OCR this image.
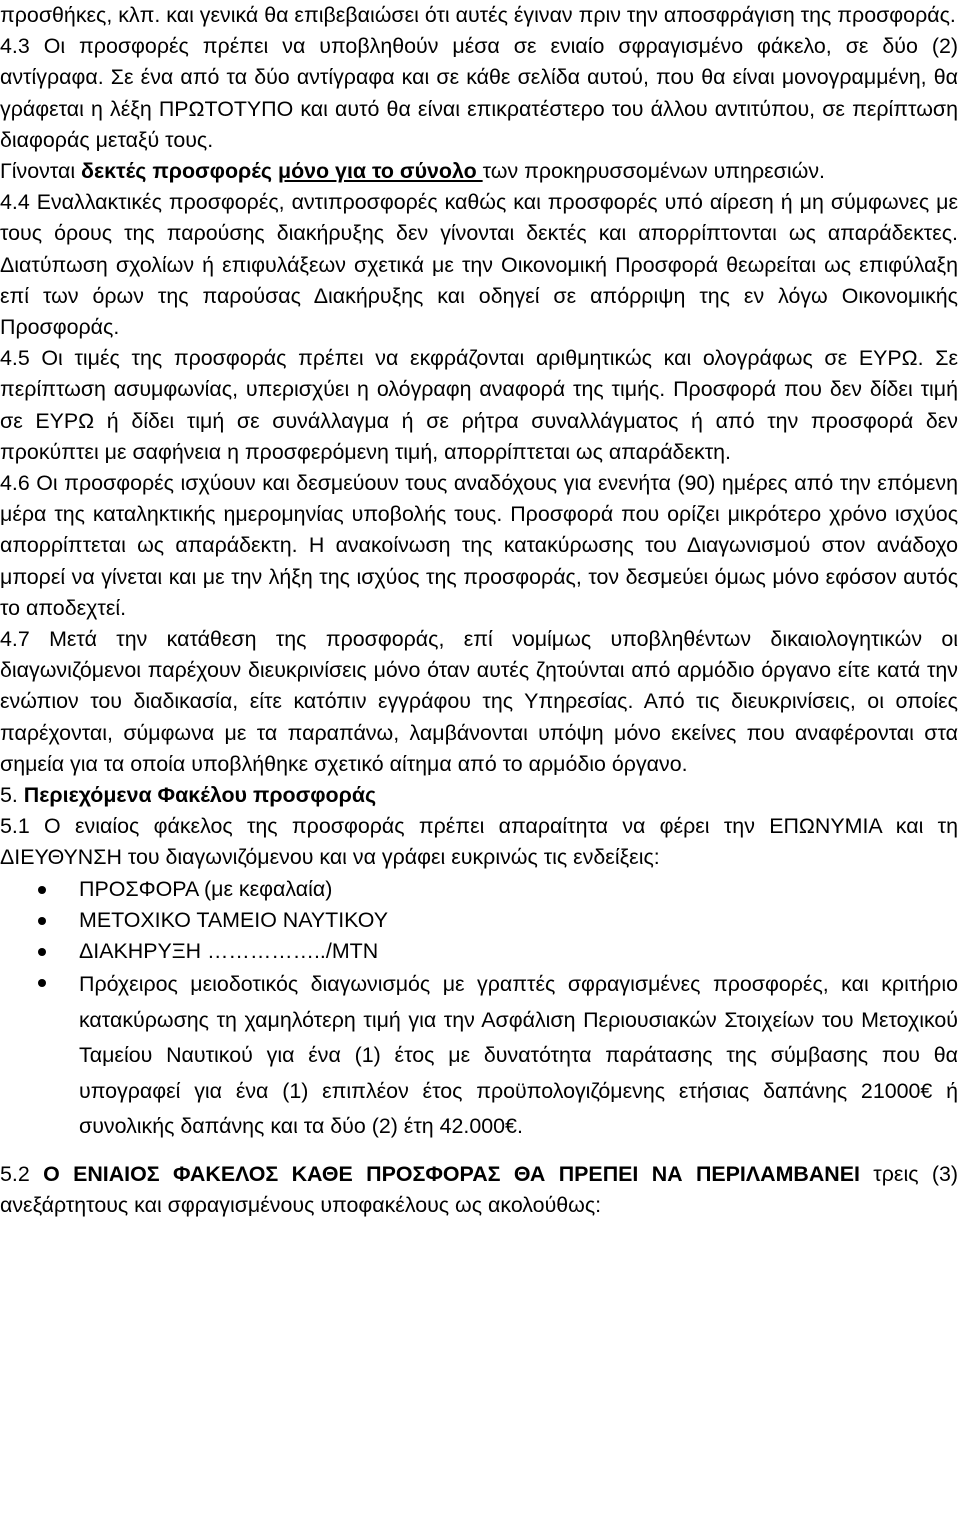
προσθήκες, κλπ. και γενικά θα επιβεβαιώσει ότι αυτές έγιναν πριν την αποσφράγιση της προσφοράς.

4.3 Οι προσφορές πρέπει να υποβληθούν μέσα σε ενιαίο σφραγισμένο φάκελο, σε δύο (2) αντίγραφα. Σε ένα από τα δύο αντίγραφα και σε κάθε σελίδα αυτού, που θα είναι μονογραμμένη, θα γράφεται η λέξη ΠΡΩΤΟΤΥΠΟ και αυτό θα είναι επικρατέστερο του άλλου αντιτύπου, σε περίπτωση διαφοράς μεταξύ τους.

Γίνονται δεκτές προσφορές μόνο για το σύνολο των προκηρυσσομένων υπηρεσιών.

4.4 Εναλλακτικές προσφορές, αντιπροσφορές καθώς και προσφορές υπό αίρεση ή μη σύμφωνες με τους όρους της παρούσης διακήρυξης δεν γίνονται δεκτές και απορρίπτονται ως απαράδεκτες. Διατύπωση σχολίων ή επιφυλάξεων σχετικά με την Οικονομική Προσφορά θεωρείται ως επιφύλαξη επί των όρων της παρούσας Διακήρυξης και οδηγεί σε απόρριψη της εν λόγω Οικονομικής Προσφοράς.

4.5 Οι τιμές της προσφοράς πρέπει να εκφράζονται αριθμητικώς και ολογράφως σε ΕΥΡΩ. Σε περίπτωση ασυμφωνίας, υπερισχύει η ολόγραφη αναφορά της τιμής. Προσφορά που δεν δίδει τιμή σε ΕΥΡΩ ή δίδει τιμή σε συνάλλαγμα ή σε ρήτρα συναλλάγματος ή από την προσφορά δεν προκύπτει με σαφήνεια η προσφερόμενη τιμή, απορρίπτεται ως απαράδεκτη.

4.6 Οι προσφορές ισχύουν και δεσμεύουν τους αναδόχους για ενενήτα (90) ημέρες από την επόμενη μέρα της καταληκτικής ημερομηνίας υποβολής τους. Προσφορά που ορίζει μικρότερο χρόνο ισχύος απορρίπτεται ως απαράδεκτη. Η ανακοίνωση της κατακύρωσης του Διαγωνισμού στον ανάδοχο μπορεί να γίνεται και με την λήξη της ισχύος της προσφοράς, τον δεσμεύει όμως μόνο εφόσον αυτός το αποδεχτεί.

4.7 Μετά την κατάθεση της προσφοράς, επί νομίμως υποβληθέντων δικαιολογητικών οι διαγωνιζόμενοι παρέχουν διευκρινίσεις μόνο όταν αυτές ζητούνται από αρμόδιο όργανο είτε κατά την ενώπιον του διαδικασία, είτε κατόπιν εγγράφου της Υπηρεσίας. Από τις διευκρινίσεις, οι οποίες παρέχονται, σύμφωνα με τα παραπάνω, λαμβάνονται υπόψη μόνο εκείνες που αναφέρονται στα σημεία για τα οποία υποβλήθηκε σχετικό αίτημα από το αρμόδιο όργανο.

5. Περιεχόμενα Φακέλου προσφοράς

5.1 Ο ενιαίος φάκελος της προσφοράς πρέπει απαραίτητα να φέρει την ΕΠΩΝΥΜΙΑ και τη ΔΙΕΥΘΥΝΣΗ του διαγωνιζόμενου και να γράφει ευκρινώς τις ενδείξεις:

ΠΡΟΣΦΟΡΑ (με κεφαλαία)
ΜΕΤΟΧΙΚΟ ΤΑΜΕΙΟ ΝΑΥΤΙΚΟΥ
ΔΙΑΚΗΡΥΞΗ ……………../ΜΤΝ
Πρόχειρος μειοδοτικός διαγωνισμός με γραπτές σφραγισμένες προσφορές, και κριτήριο κατακύρωσης τη χαμηλότερη τιμή για την Ασφάλιση Περιουσιακών Στοιχείων του Μετοχικού Ταμείου Ναυτικού για ένα (1) έτος με δυνατότητα παράτασης της σύμβασης που θα υπογραφεί για ένα (1) επιπλέον έτος προϋπολογιζόμενης ετήσιας δαπάνης 21000€ ή συνολικής δαπάνης και τα δύο (2) έτη 42.000€.

5.2 Ο ΕΝΙΑΙΟΣ ΦΑΚΕΛΟΣ ΚΑΘΕ ΠΡΟΣΦΟΡΑΣ ΘΑ ΠΡΕΠΕΙ ΝΑ ΠΕΡΙΛΑΜΒΑΝΕΙ τρεις (3) ανεξάρτητους και σφραγισμένους υποφακέλους ως ακολούθως:
